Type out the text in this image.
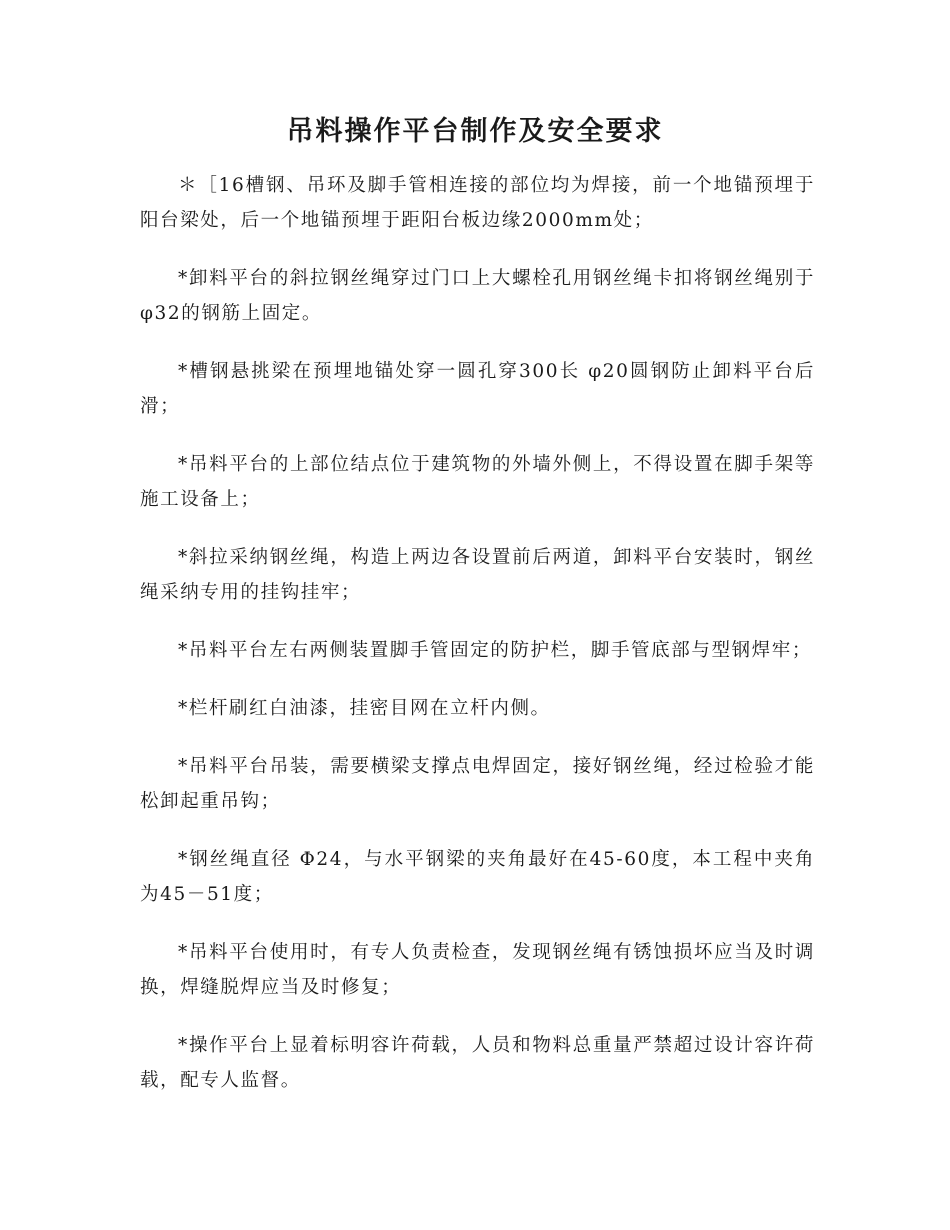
吊料操作平台制作及安全要求

＊［16槽钢、吊环及脚手管相连接的部位均为焊接，前一个地锚预埋于阳台梁处，后一个地锚预埋于距阳台板边缘2000mm处；

*卸料平台的斜拉钢丝绳穿过门口上大螺栓孔用钢丝绳卡扣将钢丝绳别于 φ32的钢筋上固定。

*槽钢悬挑梁在预埋地锚处穿一圆孔穿300长 φ20圆钢防止卸料平台后滑；

*吊料平台的上部位结点位于建筑物的外墙外侧上，不得设置在脚手架等施工设备上；

*斜拉采纳钢丝绳，构造上两边各设置前后两道，卸料平台安装时，钢丝绳采纳专用的挂钩挂牢；

*吊料平台左右两侧装置脚手管固定的防护栏，脚手管底部与型钢焊牢；

*栏杆刷红白油漆，挂密目网在立杆内侧。

*吊料平台吊装，需要横梁支撑点电焊固定，接好钢丝绳，经过检验才能松卸起重吊钩；

*钢丝绳直径 Φ24，与水平钢梁的夹角最好在45-60度，本工程中夹角为45－51度；

*吊料平台使用时，有专人负责检查，发现钢丝绳有锈蚀损坏应当及时调换，焊缝脱焊应当及时修复；

*操作平台上显着标明容许荷载，人员和物料总重量严禁超过设计容许荷载，配专人监督。
